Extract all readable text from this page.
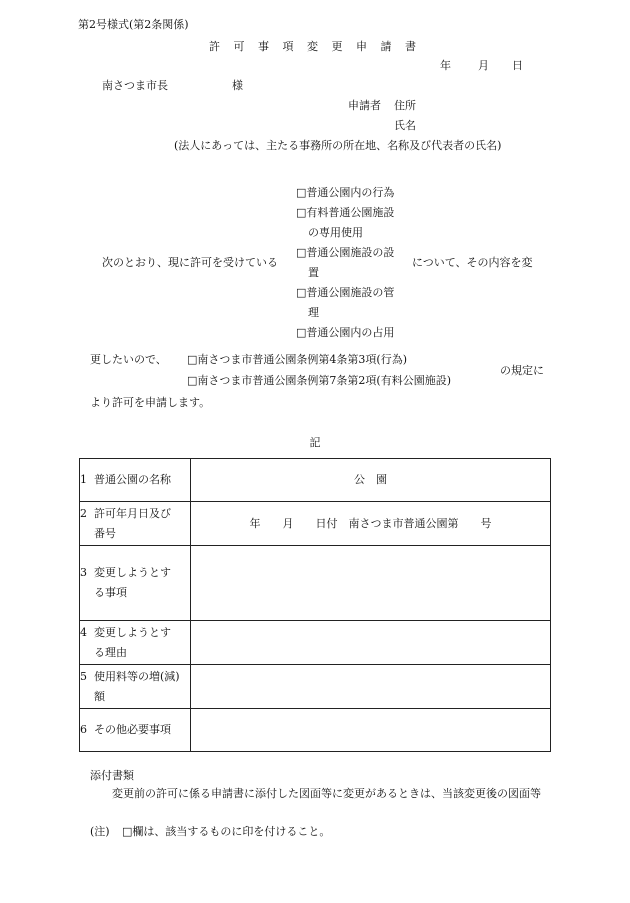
第2号様式(第2条関係)
許 可 事 項 変 更 申 請 書
年 月 日
南さつま市長	様
申請者 住所
氏名
(法人にあっては、主たる事務所の所在地、名称及び代表者の氏名)
□普通公園内の行為
□有料普通公園施設
の専用使用
□普通公園施設の設
置
□普通公園施設の管
理
□普通公園内の占用
次のとおり、現に許可を受けている	について、その内容を変
更したいので、 □南さつま市普通公園条例第4条第3項(行為)
□南さつま市普通公園条例第7条第2項(有料公園施設)
の規定に
より許可を申請します。
記
1 普通公園の名称	公　園
2 許可年月日及び番号	年　　月　　日付　南さつま市普通公園第　　号
3 変更しようとする事項	
4 変更しようとする理由	
5 使用料等の増(減)額	
6 その他必要事項	
添付書類
変更前の許可に係る申請書に添付した図面等に変更があるときは、当該変更後の図面等
(注) □欄は、該当するものに印を付けること。
